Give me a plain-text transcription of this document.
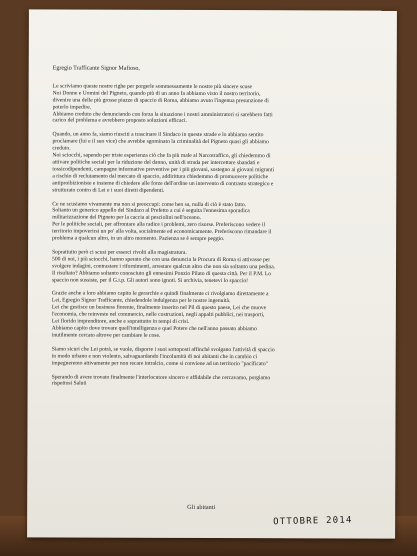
Egregio Trafficante Signor Mafioso,

Le scriviamo queste nostre righe per porgerle sommessamente le nostre più sincere scuse
Noi Donne e Uomini del Pigneto, quando più di un anno fa abbiamo visto il nostro territorio,
divenire una delle più grosse piazze di spaccio di Roma, abbiamo avuto l'ingenua presunzione di
poterlo impedire.
Abbiamo creduto che denunciando con forza la situazione i nostri amministratori si sarebbero fatti
carico del problema e avrebbero proposto soluzioni efficaci.

Quando, un anno fa, siamo riusciti a trascinare il Sindaco in queste strade e lo abbiamo sentito
proclamare (lui e il suo vice) che avrebbe sgominato la criminalità del Pigneto quasi gli abbiamo
creduto.
Noi sciocchi, sapendo per triste esperienza ciò che fa più male al Narcotraffico, gli chiedemmo di
attivare politiche sociali per la riduzione del danno, unità di strada per intercettare sbandati e
tossicodipendenti, campagne informative preventive per i più giovani, sostegno ai giovani migranti
a rischio di reclutamento dal mercato di spaccio, addirittura chiedemmo di promuovere politiche
antiproibizioniste e insieme di chiedere alle forze dell'ordine un intervento di contrasto strategico e
strutturato contro di Lei e i suoi diretti dipendenti.

Ce ne scusiamo vivamente ma non si preoccupi: come ben sa, nulla di ciò è stato fatto.
Soltanto un generico appello del Sindaco al Prefetto a cui è seguita l'ennesima sporadica
militarizzazione del Pigneto per la caccia ai pesciolini nell'oceano.
Per le politiche sociali, per affrontare alla radice i problemi, zero risorse. Preferiscono vedere il
territorio impoverirsi un po' alla volta, socialmente ed economicamente. Preferiscono rimandare il
problema a qualcun altro, in un altro momento. Pazienza se è sempre peggio.

Soprattutto però ci scusi per esserci rivolti alla magistratura.
500 di noi, i più sciocchi, hanno sperato che con una denuncia la Procura di Roma si attivasse per
svolgere indagini, contrastare i rifornimenti, arrestare qualcun altro che non sia soltanto una pedina.
Il risultato? Abbiamo soltanto conosciuto gli ennesimi Ponzio Pilato di questa città. Per il P.M. Lo
spaccio non sussiste, per il G.i.p. Gli autori sono ignoti. Si archivia, tenetevi lo spaccio!

Grazie anche a loro abbiamo capito le gerarchie e quindi finalmente ci rivolgiamo direttamente a
Lei, Egregio Signor Trafficante, chiedendole indulgenza per le nostre ingenuità.
Lei che gestisce un business fiorente, finalmente inserito nel Pil di questo paese, Lei che muove
l'economia, che reinveste nel commercio, nelle costruzioni, negli appalti pubblici, nei trasporti,
Lei florido imprenditore, anche e soprattutto in tempi di crisi.
Abbiamo capito dove trovare quell'intelligenza e quel Potere che nell'anno passato abbiamo
inutilmente cercato altrove per cambiare le cose.

Siamo sicuri che Lei potrà, se vuole, disporre i suoi sottoposti affinché svolgano l'attività di spaccio
in modo urbano e non violento, salvaguardando l'incolumità di noi abitanti che in cambio ci
impegneremo attivamente per non recare intralcio, come si conviene ad un territorio "pacificato"

Sperando di avere trovato finalmente l'interlocutore sincero e affidabile che cercavamo, porgiamo
rispettosi Saluti

Gli abitanti
OTTOBRE 2014
